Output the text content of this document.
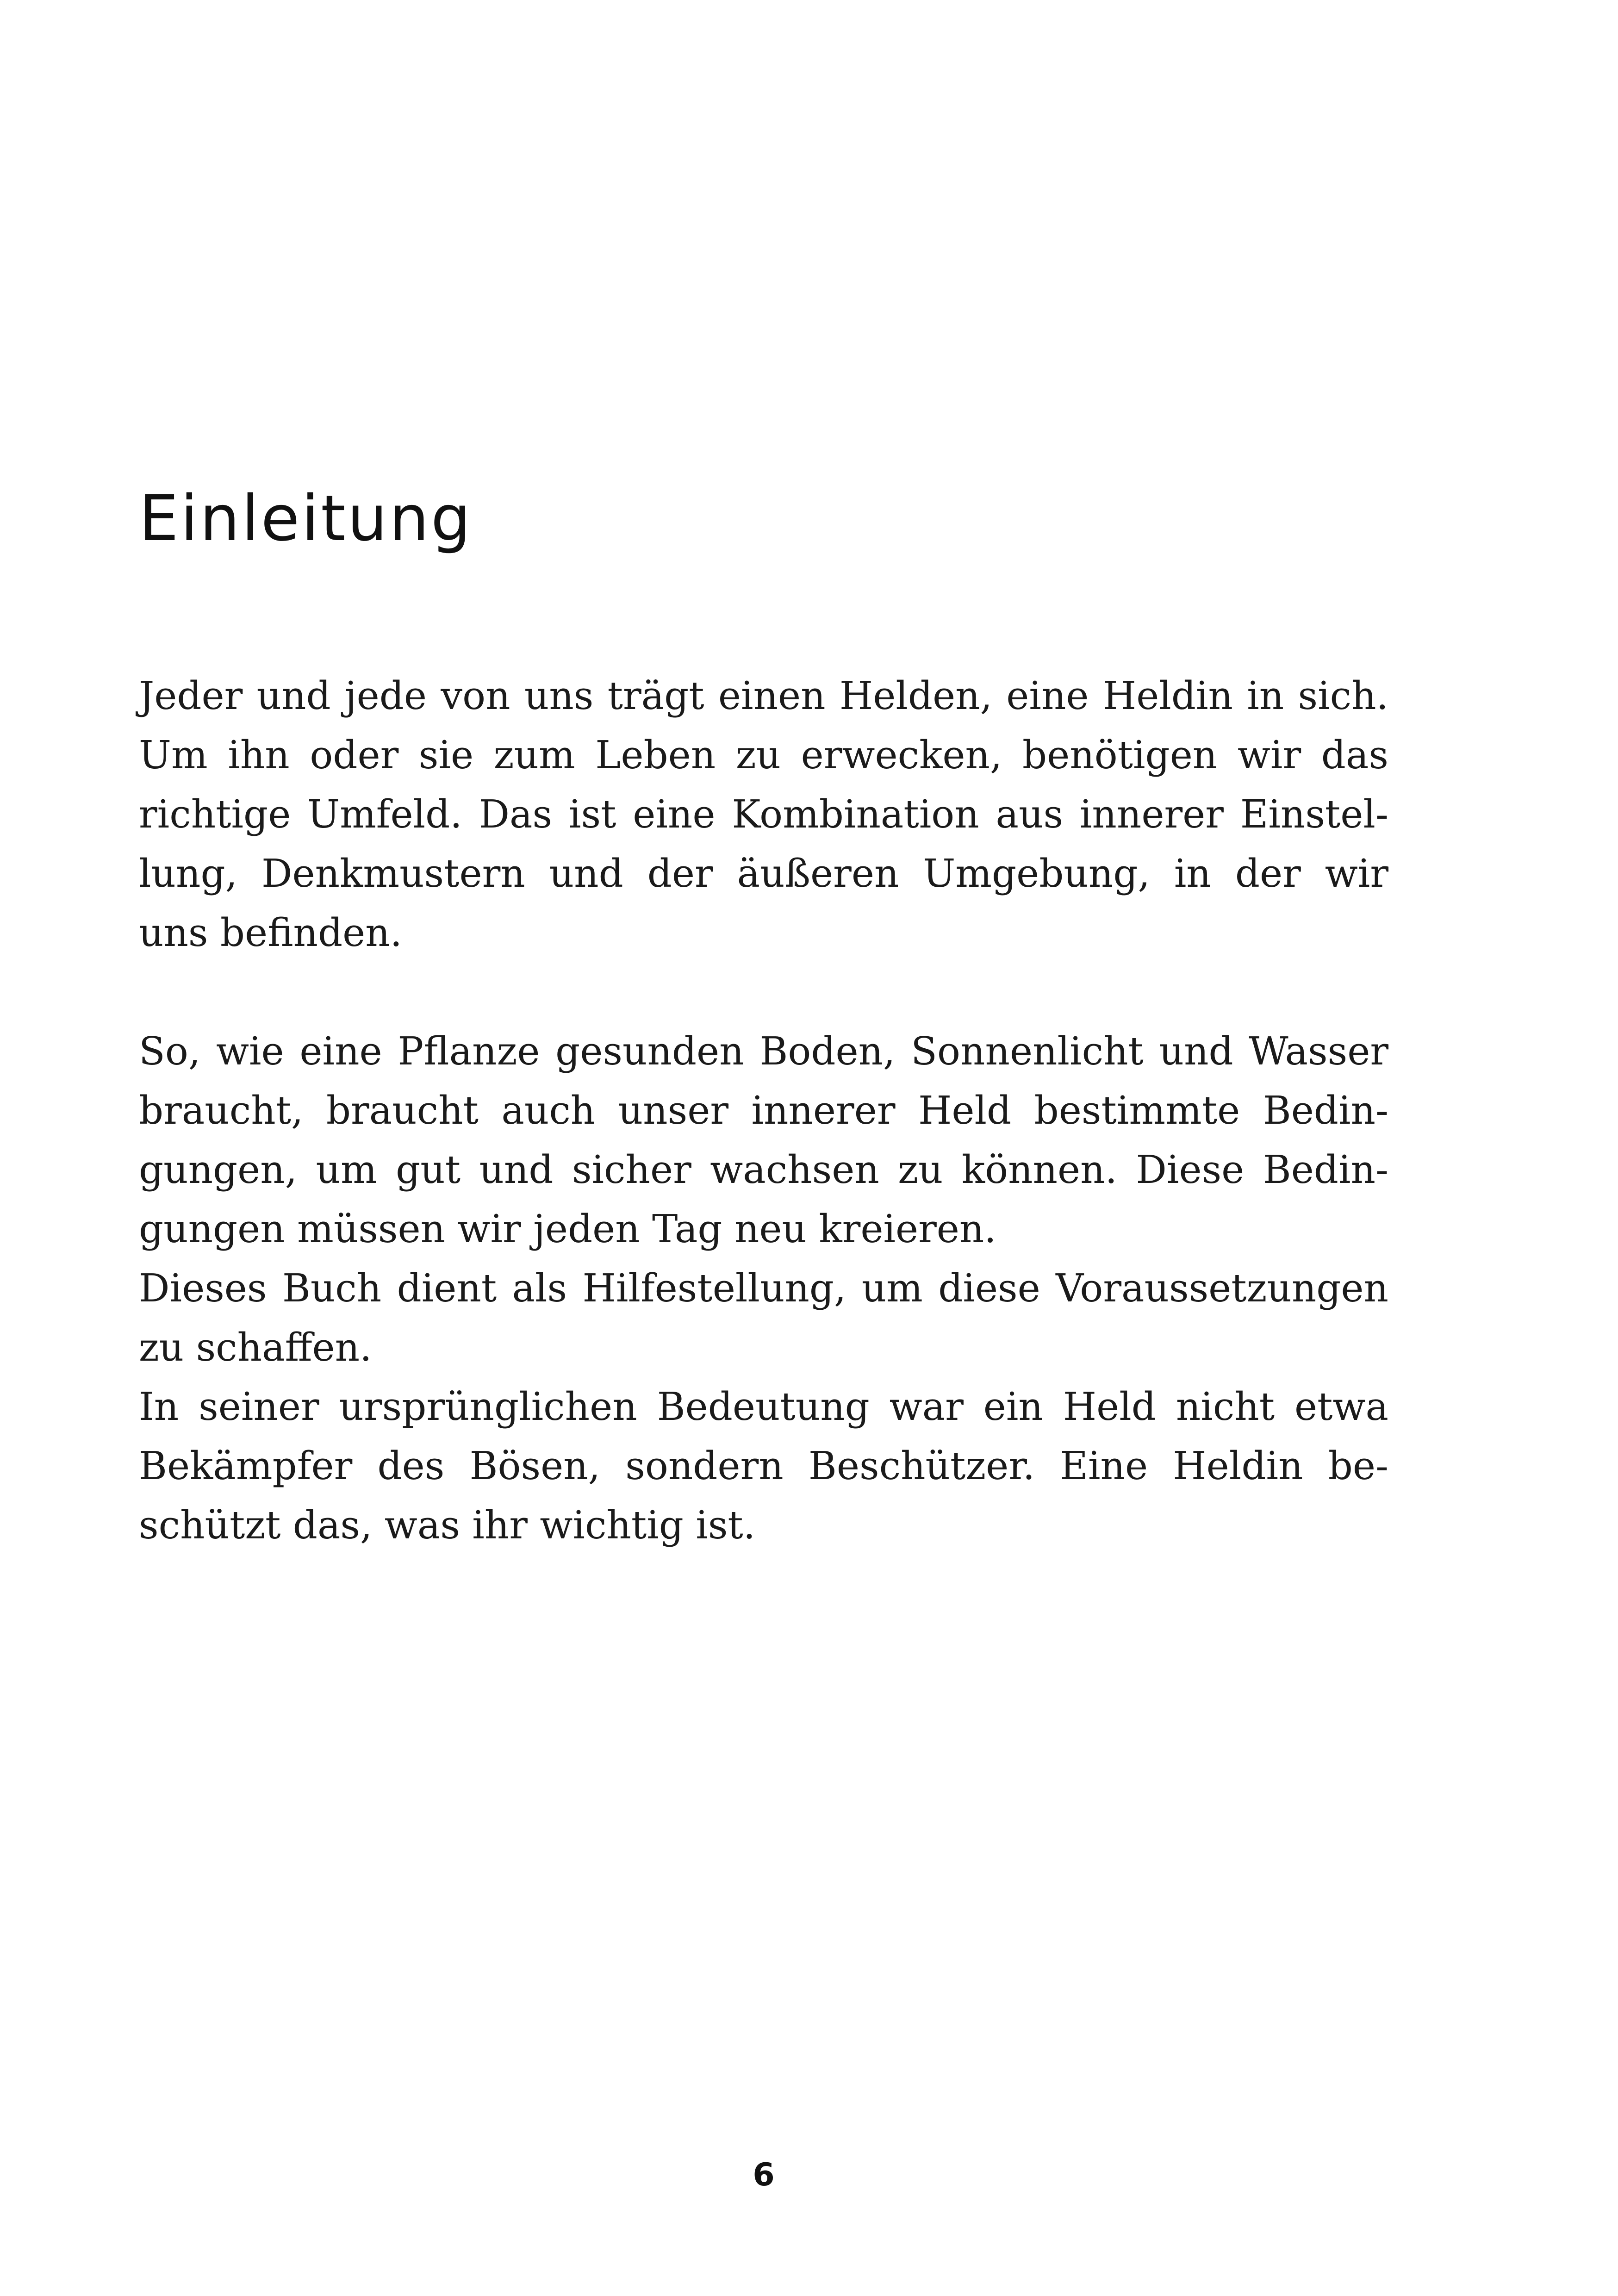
Einleitung

Jeder und jede von uns trägt einen Helden, eine Heldin in sich.
Um ihn oder sie zum Leben zu erwecken, benötigen wir das
richtige Umfeld. Das ist eine Kombination aus innerer Einstel-
lung, Denkmustern und der äußeren Umgebung, in der wir
uns befinden.

So, wie eine Pflanze gesunden Boden, Sonnenlicht und Wasser
braucht, braucht auch unser innerer Held bestimmte Bedin-
gungen, um gut und sicher wachsen zu können. Diese Bedin-
gungen müssen wir jeden Tag neu kreieren.

Dieses Buch dient als Hilfestellung, um diese Voraussetzungen
zu schaffen.

In seiner ursprünglichen Bedeutung war ein Held nicht etwa
Bekämpfer des Bösen, sondern Beschützer. Eine Heldin be-
schützt das, was ihr wichtig ist.

6
